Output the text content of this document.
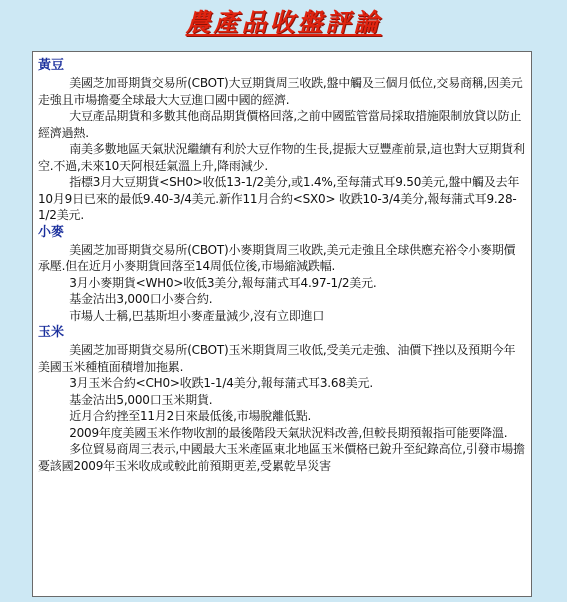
農產品收盤評論
黃豆
美國芝加哥期貨交易所(CBOT)大豆期貨周三收跌,盤中觸及三個月低位,交易商稱,因美元走強且市場擔憂全球最大大豆進口國中國的經濟.
大豆產品期貨和多數其他商品期貨價格回落,之前中國監管當局採取措施限制放貸以防止經濟過熱.
南美多數地區天氣狀況繼續有利於大豆作物的生長,提振大豆豐產前景,這也對大豆期貨利空.不過,未來10天阿根廷氣溫上升,降雨減少.
指標3月大豆期貨<SH0>收低13-1/2美分,或1.4%,至每蒲式耳9.50美元,盤中觸及去年10月9日已來的最低9.40-3/4美元.新作11月合約<SX0> 收跌10-3/4美分,報每蒲式耳9.28-1/2美元.
小麥
美國芝加哥期貨交易所(CBOT)小麥期貨周三收跌,美元走強且全球供應充裕令小麥期價承壓.但在近月小麥期貨回落至14周低位後,市場縮減跌幅.
3月小麥期貨<WH0>收低3美分,報每蒲式耳4.97-1/2美元.
基金沽出3,000口小麥合約.
市場人士稱,巴基斯坦小麥產量減少,沒有立即進口
玉米
美國芝加哥期貨交易所(CBOT)玉米期貨周三收低,受美元走強、油價下挫以及預期今年美國玉米種植面積增加拖累.
3月玉米合約<CH0>收跌1-1/4美分,報每蒲式耳3.68美元.
基金沽出5,000口玉米期貨.
近月合約挫至11月2日來最低後,市場脫離低點.
2009年度美國玉米作物收割的最後階段天氣狀況料改善,但較長期預報指可能要降溫.
多位貿易商周三表示,中國最大玉米產區東北地區玉米價格已銳升至紀錄高位,引發市場擔憂該國2009年玉米收成或較此前預期更差,受累乾旱災害
